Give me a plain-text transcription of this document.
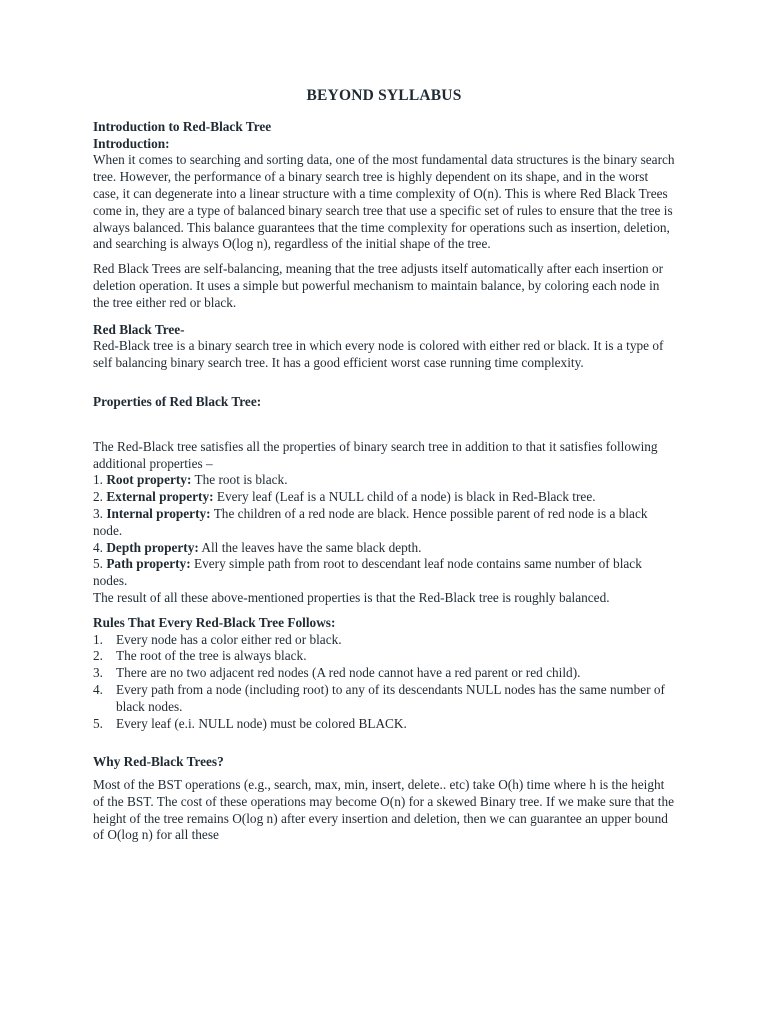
BEYOND SYLLABUS
Introduction to Red-Black Tree
Introduction:

When it comes to searching and sorting data, one of the most fundamental data structures is the binary search tree. However, the performance of a binary search tree is highly dependent on its shape, and in the worst case, it can degenerate into a linear structure with a time complexity of O(n). This is where Red Black Trees come in, they are a type of balanced binary search tree that use a specific set of rules to ensure that the tree is always balanced. This balance guarantees that the time complexity for operations such as insertion, deletion, and searching is always O(log n), regardless of the initial shape of the tree.

Red Black Trees are self-balancing, meaning that the tree adjusts itself automatically after each insertion or deletion operation. It uses a simple but powerful mechanism to maintain balance, by coloring each node in the tree either red or black.

Red Black Tree-

Red-Black tree is a binary search tree in which every node is colored with either red or black. It is a type of self balancing binary search tree. It has a good efficient worst case running time complexity.

Properties of Red Black Tree:

The Red-Black tree satisfies all the properties of binary search tree in addition to that it satisfies following additional properties –

1. Root property: The root is black.
2. External property: Every leaf (Leaf is a NULL child of a node) is black in Red-Black tree.
3. Internal property: The children of a red node are black. Hence possible parent of red node is a black node.
4. Depth property: All the leaves have the same black depth.
5. Path property: Every simple path from root to descendant leaf node contains same number of black nodes.

The result of all these above-mentioned properties is that the Red-Black tree is roughly balanced.

Rules That Every Red-Black Tree Follows:
1. Every node has a color either red or black.
2. The root of the tree is always black.
3. There are no two adjacent red nodes (A red node cannot have a red parent or red child).
4. Every path from a node (including root) to any of its descendants NULL nodes has the same number of black nodes.
5. Every leaf (e.i. NULL node) must be colored BLACK.
Why Red-Black Trees?

Most of the BST operations (e.g., search, max, min, insert, delete.. etc) take O(h) time where h is the height of the BST. The cost of these operations may become O(n) for a skewed Binary tree. If we make sure that the height of the tree remains O(log n) after every insertion and deletion, then we can guarantee an upper bound of O(log n) for all these
